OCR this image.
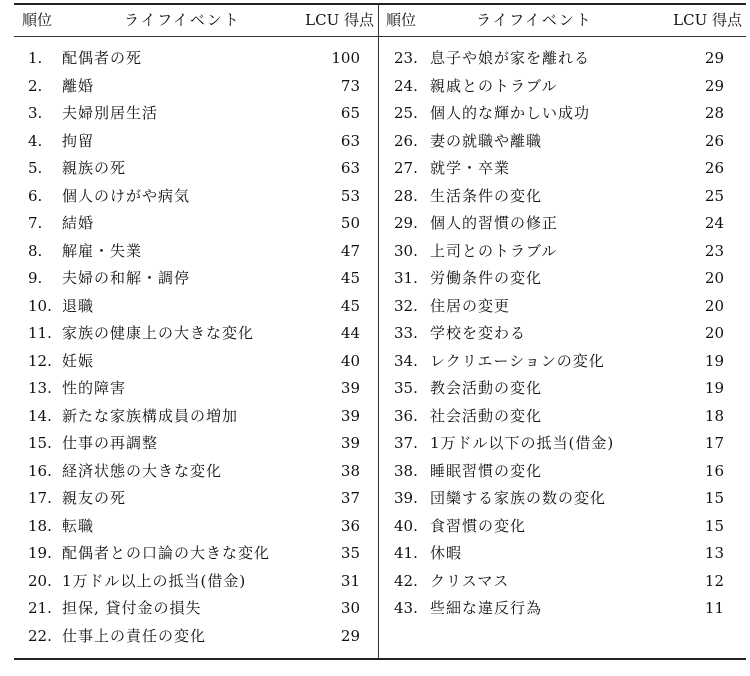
順位	ライフイベント	LCU 得点
1. 配偶者の死	100
2. 離婚	73
3. 夫婦別居生活	65
4. 拘留	63
5. 親族の死	63
6. 個人のけがや病気	53
7. 結婚	50
8. 解雇・失業	47
9. 夫婦の和解・調停	45
10. 退職	45
11. 家族の健康上の大きな変化	44
12. 妊娠	40
13. 性的障害	39
14. 新たな家族構成員の増加	39
15. 仕事の再調整	39
16. 経済状態の大きな変化	38
17. 親友の死	37
18. 転職	36
19. 配偶者との口論の大きな変化	35
20. 1万ドル以上の抵当(借金)	31
21. 担保, 貸付金の損失	30
22. 仕事上の責任の変化	29
順位	ライフイベント	LCU 得点
23. 息子や娘が家を離れる	29
24. 親戚とのトラブル	29
25. 個人的な輝かしい成功	28
26. 妻の就職や離職	26
27. 就学・卒業	26
28. 生活条件の変化	25
29. 個人的習慣の修正	24
30. 上司とのトラブル	23
31. 労働条件の変化	20
32. 住居の変更	20
33. 学校を変わる	20
34. レクリエーションの変化	19
35. 教会活動の変化	19
36. 社会活動の変化	18
37. 1万ドル以下の抵当(借金)	17
38. 睡眠習慣の変化	16
39. 団欒する家族の数の変化	15
40. 食習慣の変化	15
41. 休暇	13
42. クリスマス	12
43. 些細な違反行為	11
